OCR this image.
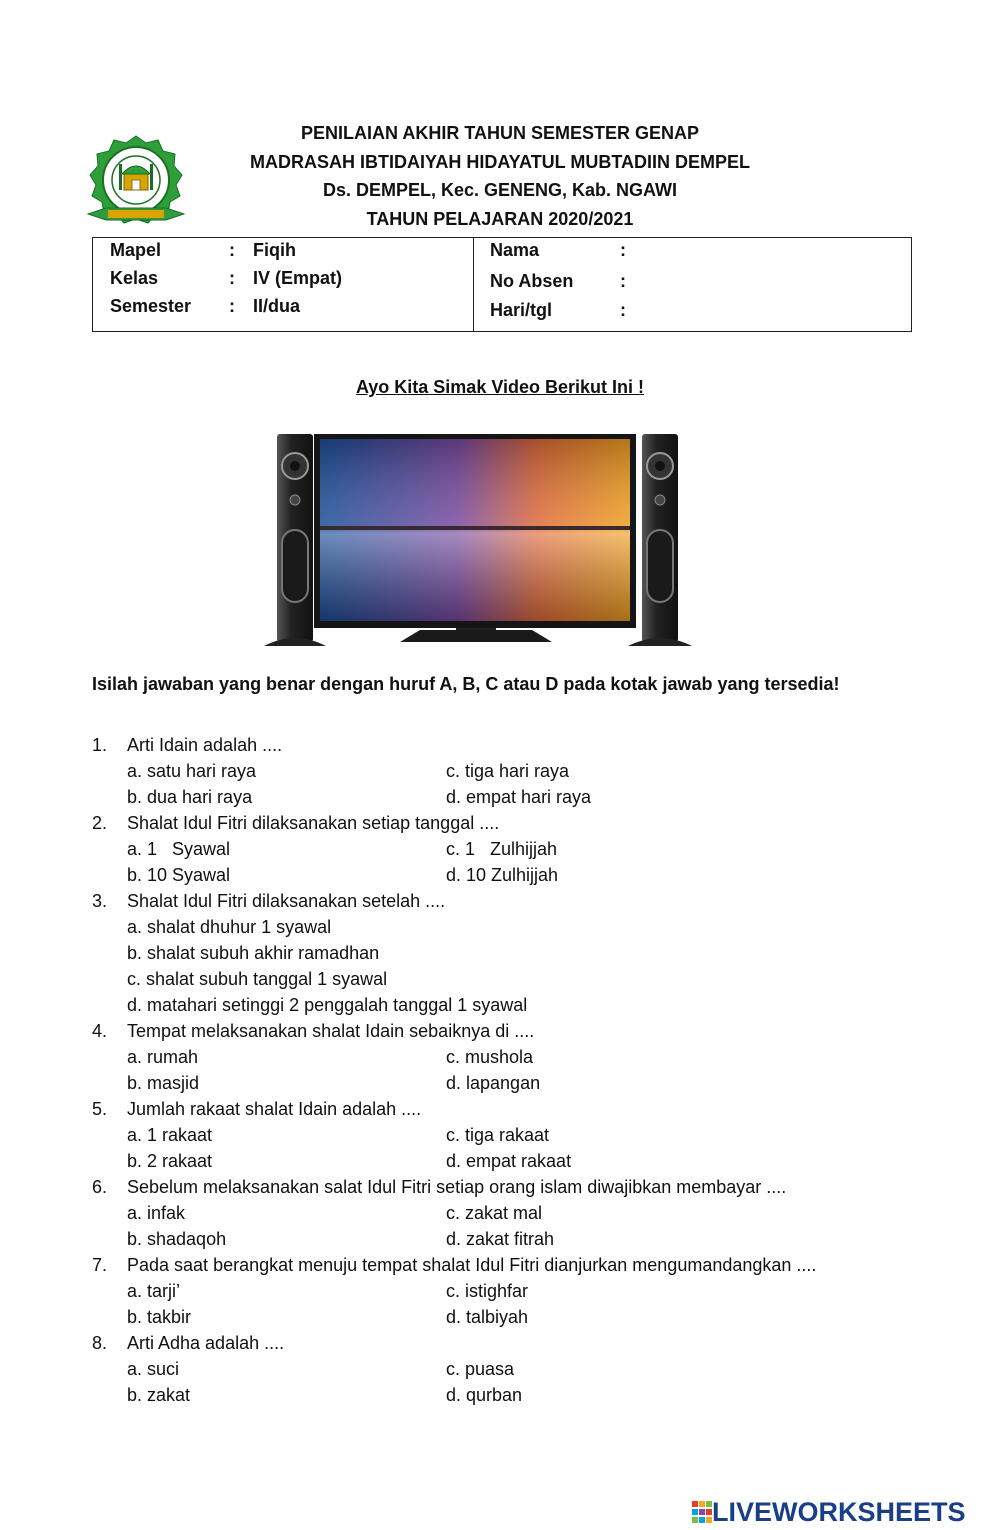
PENILAIAN AKHIR TAHUN SEMESTER GENAP
MADRASAH IBTIDAIYAH HIDAYATUL MUBTADIIN DEMPEL
Ds. DEMPEL, Kec. GENENG, Kab. NGAWI
TAHUN PELAJARAN 2020/2021
Mapel	: Fiqih
Kelas	: IV (Empat)
Semester : II/dua
Nama	:
No Absen	:
Hari/tgl	:
Ayo Kita Simak Video Berikut Ini !
Isilah jawaban yang benar dengan huruf A, B, C atau D pada kotak jawab yang tersedia!
1. Arti Idain adalah ....
a. satu hari raya	c. tiga hari raya
b. dua hari raya	d. empat hari raya
2. Shalat Idul Fitri dilaksanakan setiap tanggal ....
a. 1   Syawal	c. 1   Zulhijjah
b. 10 Syawal	d. 10 Zulhijjah
3. Shalat Idul Fitri dilaksanakan setelah ....
a. shalat dhuhur 1 syawal
b. shalat subuh akhir ramadhan
c. shalat subuh tanggal 1 syawal
d. matahari setinggi 2 penggalah tanggal 1 syawal
4. Tempat melaksanakan shalat Idain sebaiknya di ....
a. rumah	c. mushola
b. masjid	d. lapangan
5. Jumlah rakaat shalat Idain adalah ....
a. 1 rakaat	c. tiga rakaat
b. 2 rakaat	d. empat rakaat
6. Sebelum melaksanakan salat Idul Fitri setiap orang islam diwajibkan membayar ....
a. infak	c. zakat mal
b. shadaqoh	d. zakat fitrah
7. Pada saat berangkat menuju tempat shalat Idul Fitri dianjurkan mengumandangkan ....
a. tarji’	c. istighfar
b. takbir	d. talbiyah
8. Arti Adha adalah ....
a. suci	c. puasa
b. zakat	d. qurban
LIVEWORKSHEETS
